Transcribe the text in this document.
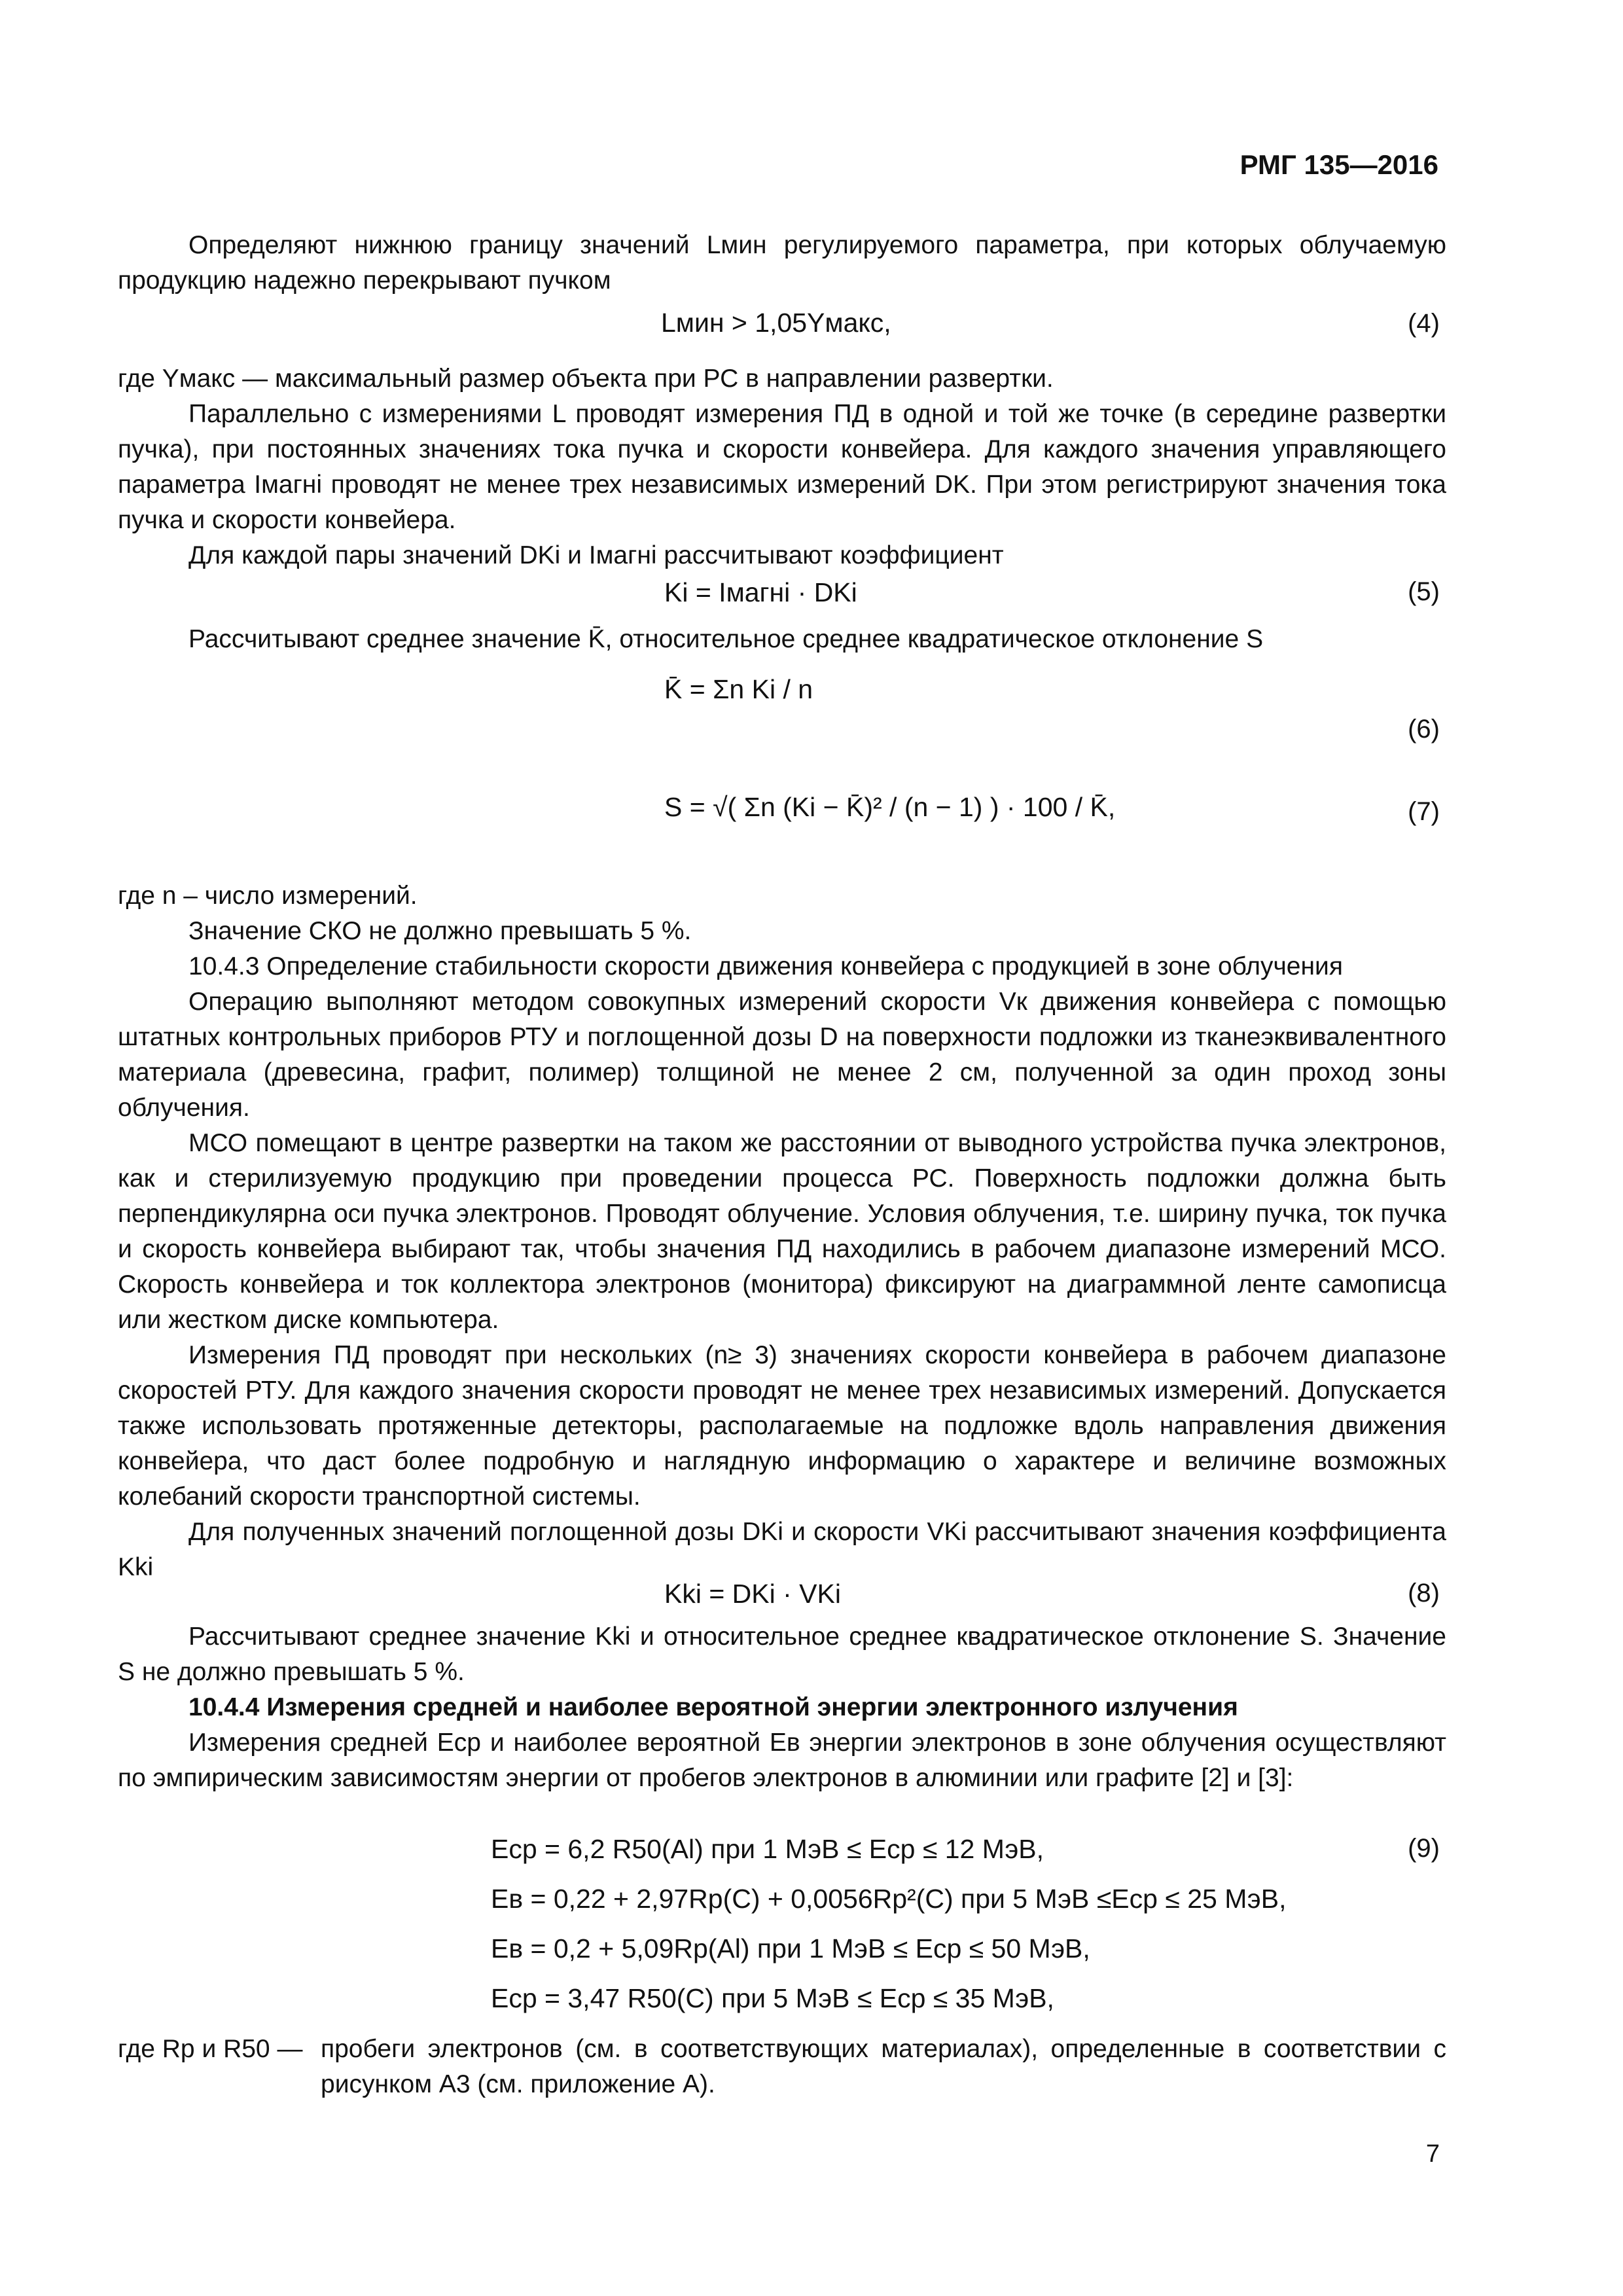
РМГ 135—2016

Определяют нижнюю границу значений Lмин регулируемого параметра, при которых облучаемую продукцию надежно перекрывают пучком

Lмин > 1,05Yмакс,	(4)

где Yмакс — максимальный размер объекта при РС в направлении развертки.

Параллельно с измерениями L проводят измерения ПД в одной и той же точке (в середине развертки пучка), при постоянных значениях тока пучка и скорости конвейера. Для каждого значения управляющего параметра Iмагнi проводят не менее трех независимых измерений DK. При этом регистрируют значения тока пучка и скорости конвейера.

Для каждой пары значений DKi и Iмагнi рассчитывают коэффициент

Ki = Iмагнi · DKi	(5)

Рассчитывают среднее значение K̄, относительное среднее квадратическое отклонение S

K̄ = Σn Ki / n
(6)
S = √( Σn (Ki − K̄)² / (n − 1) ) · 100 / K̄,	(7)

где n – число измерений.

Значение СКО не должно превышать 5 %.

10.4.3 Определение стабильности скорости движения конвейера с продукцией в зоне облучения

Операцию выполняют методом совокупных измерений скорости Vк движения конвейера с помощью штатных контрольных приборов РТУ и поглощенной дозы D на поверхности подложки из тканеэквивалентного материала (древесина, графит, полимер) толщиной не менее 2 см, полученной за один проход зоны облучения.

МСО помещают в центре развертки на таком же расстоянии от выводного устройства пучка электронов, как и стерилизуемую продукцию при проведении процесса РС. Поверхность подложки должна быть перпендикулярна оси пучка электронов. Проводят облучение. Условия облучения, т.е. ширину пучка, ток пучка и скорость конвейера выбирают так, чтобы значения ПД находились в рабочем диапазоне измерений МСО. Скорость конвейера и ток коллектора электронов (монитора) фиксируют на диаграммной ленте самописца или жестком диске компьютера.

Измерения ПД проводят при нескольких (n≥ 3) значениях скорости конвейера в рабочем диапазоне скоростей РТУ. Для каждого значения скорости проводят не менее трех независимых измерений. Допускается также использовать протяженные детекторы, располагаемые на подложке вдоль направления движения конвейера, что даст более подробную и наглядную информацию о характере и величине возможных колебаний скорости транспортной системы.

Для полученных значений поглощенной дозы DKi и скорости VKi рассчитывают значения коэффициента Kki

Kki = DKi · VKi	(8)

Рассчитывают среднее значение Kki и относительное среднее квадратическое отклонение S. Значение S не должно превышать 5 %.

10.4.4 Измерения средней и наиболее вероятной энергии электронного излучения

Измерения средней Eср и наиболее вероятной Eв энергии электронов в зоне облучения осуществляют по эмпирическим зависимостям энергии от пробегов электронов в алюминии или графите [2] и [3]:

Eср = 6,2 R50(Al) при 1 МэВ ≤ Eср ≤ 12 МэВ,	(9)
Eв = 0,22 + 2,97Rp(C) + 0,0056Rp²(C) при 5 МэВ ≤Eср ≤ 25 МэВ,
Eв = 0,2 + 5,09Rp(Al) при 1 МэВ ≤ Eср ≤ 50 МэВ,
Eср = 3,47 R50(C) при 5 МэВ ≤ Eср ≤ 35 МэВ,
где Rp и R50 —	пробеги электронов (см. в соответствующих материалах), определенные в соответствии с рисунком А3 (см. приложение А).
7
